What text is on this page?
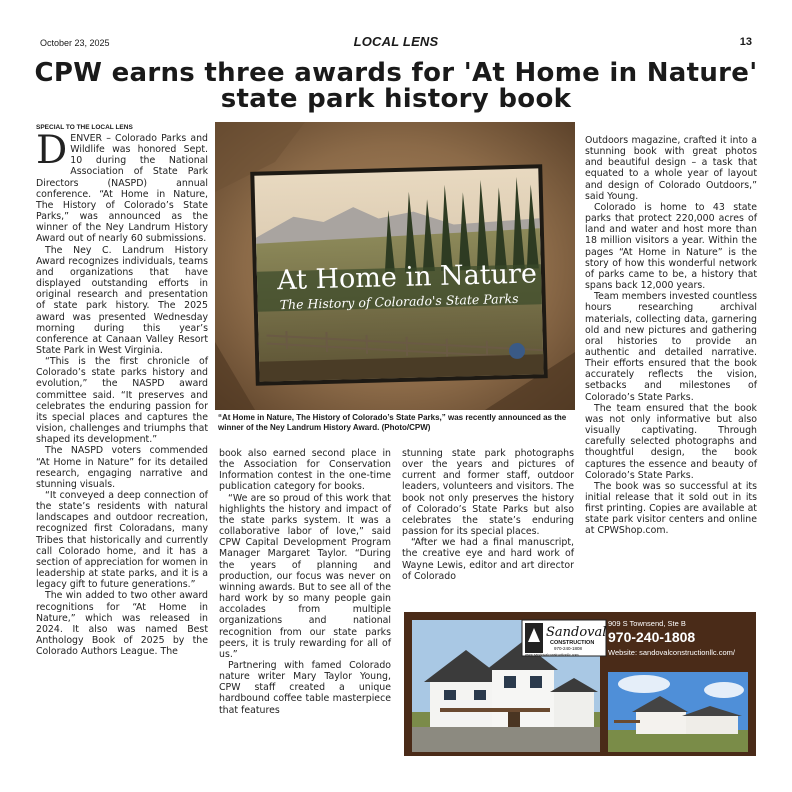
October 23, 2025	LOCAL LENS	13
CPW earns three awards for 'At Home in Nature' state park history book
SPECIAL TO THE LOCAL LENS

DENVER – Colorado Parks and Wildlife was honored Sept. 10 during the National Association of State Park Directors (NASPD) annual conference. “At Home in Nature, The History of Colorado’s State Parks,” was announced as the winner of the Ney Landrum History Award out of nearly 60 submissions.

The Ney C. Landrum History Award recognizes individuals, teams and organizations that have displayed outstanding efforts in original research and presentation of state park history. The 2025 award was presented Wednesday morning during this year’s conference at Canaan Valley Resort State Park in West Virginia.

“This is the first chronicle of Colorado’s state parks history and evolution,” the NASPD award committee said. “It preserves and celebrates the enduring passion for its special places and captures the vision, challenges and triumphs that shaped its development.”

The NASPD voters commended “At Home in Nature” for its detailed research, engaging narrative and stunning visuals.

“It conveyed a deep connection of the state’s residents with natural landscapes and outdoor recreation, recognized first Coloradans, many Tribes that historically and currently call Colorado home, and it has a section of appreciation for women in leadership at state parks, and it is a legacy gift to future generations.”

The win added to two other award recognitions for “At Home in Nature,” which was released in 2024. It also was named Best Anthology Book of 2025 by the Colorado Authors League. The

At Home in Nature
The History of Colorado's State Parks
“At Home in Nature, The History of Colorado’s State Parks,” was recently announced as the winner of the Ney Landrum History Award. (Photo/CPW)

book also earned second place in the Association for Conservation Information contest in the one-time publication category for books.

“We are so proud of this work that highlights the history and impact of the state parks system. It was a collaborative labor of love,” said CPW Capital Development Program Manager Margaret Taylor. “During the years of planning and production, our focus was never on winning awards. But to see all of the hard work by so many people gain accolades from multiple organizations and national recognition from our state parks peers, it is truly rewarding for all of us.”

Partnering with famed Colorado nature writer Mary Taylor Young, CPW staff created a unique hardbound coffee table masterpiece that features

stunning state park photographs over the years and pictures of current and former staff, outdoor leaders, volunteers and visitors. The book not only preserves the history of Colorado’s State Parks but also celebrates the state’s enduring passion for its special places.

“After we had a final manuscript, the creative eye and hard work of Wayne Lewis, editor and art director of Colorado

Outdoors magazine, crafted it into a stunning book with great photos and beautiful design – a task that equated to a whole year of layout and design of Colorado Outdoors,” said Young.

Colorado is home to 43 state parks that protect 220,000 acres of land and water and host more than 18 million visitors a year. Within the pages “At Home in Nature” is the story of how this wonderful network of parks came to be, a history that spans back 12,000 years.

Team members invested countless hours researching archival materials, collecting data, garnering old and new pictures and gathering oral histories to provide an authentic and detailed narrative. Their efforts ensured that the book accurately reflects the vision, setbacks and milestones of Colorado’s State Parks.

The team ensured that the book was not only informative but also visually captivating. Through carefully selected photographs and thoughtful design, the book captures the essence and beauty of Colorado’s State Parks.

The book was so successful at its initial release that it sold out in its first printing. Copies are available at state park visitor centers and online at CPWShop.com.

Sandoval
CONSTRUCTION
970-240-1808
www.sandovalconstructionllc.com
909 S Townsend, Ste B
970-240-1808
Website: sandovalconstructionllc.com/
